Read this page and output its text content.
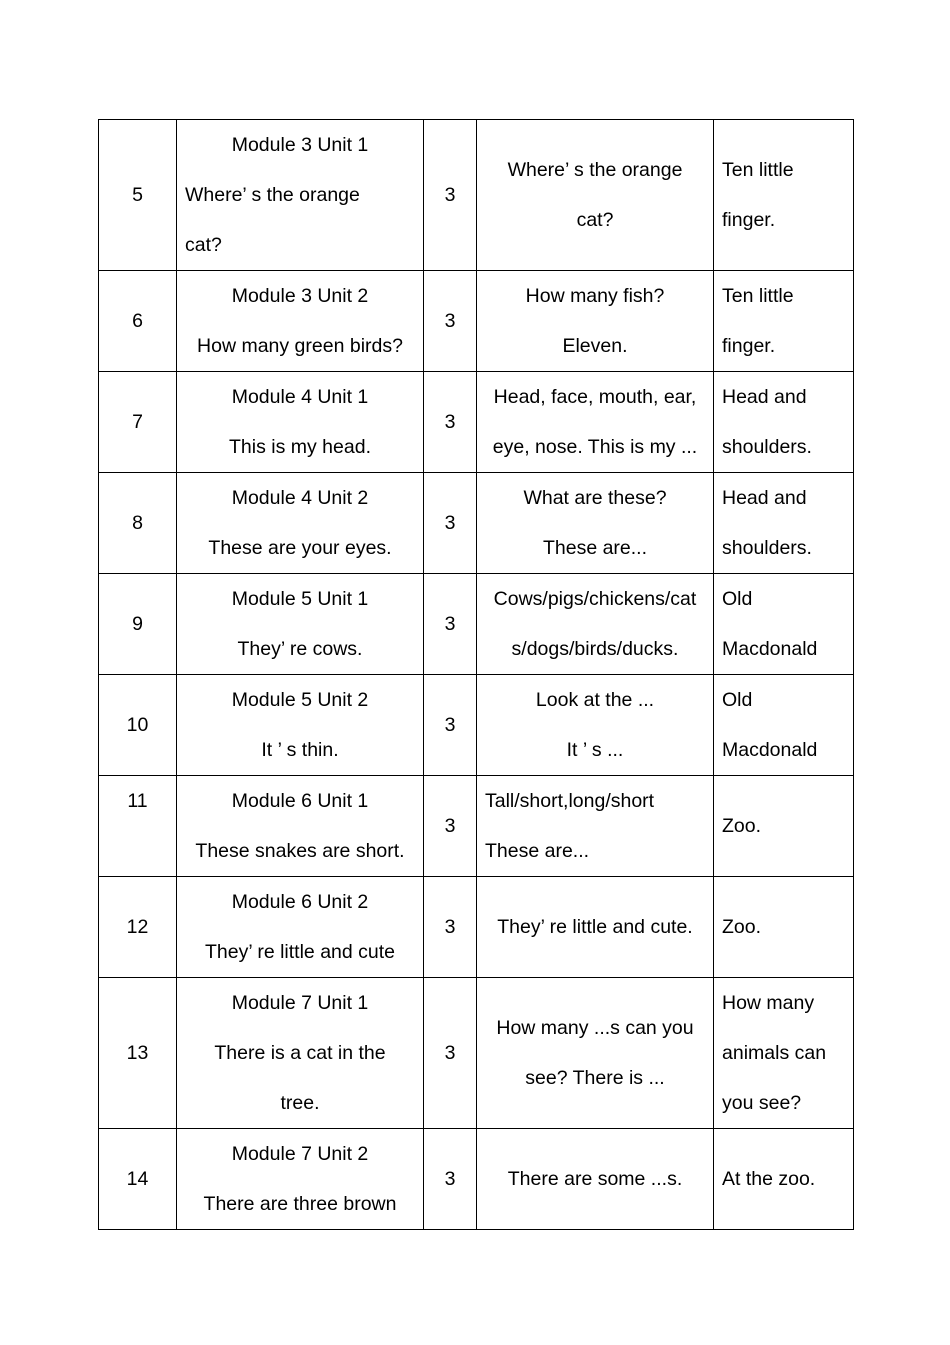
5	Module 3 Unit 1
Where’ s the orange
cat?	3	Where’ s the orange
cat?	Ten little
finger.

6	Module 3 Unit 2
How many green birds?	3	How many fish?
Eleven.	Ten little
finger.

7	Module 4 Unit 1
This is my head.	3	Head, face, mouth, ear,
eye, nose. This is my ...	Head and
shoulders.

8	Module 4 Unit 2
These are your eyes.	3	What are these?
These are...	Head and
shoulders.

9	Module 5 Unit 1
They’ re cows.	3	Cows/pigs/chickens/cat
s/dogs/birds/ducks.	Old
Macdonald

10	Module 5 Unit 2
It ’ s thin.	3	Look at the ...
It ’ s ...	Old
Macdonald

11	Module 6 Unit 1
These snakes are short.	3	Tall/short,long/short
These are...	Zoo.

12	Module 6 Unit 2
They’ re little and cute	3	They’ re little and cute.	Zoo.

13	Module 7 Unit 1
There is a cat in the
tree.	3	How many ...s can you
see? There is ...	How many
animals can
you see?

14	Module 7 Unit 2
There are three brown	3	There are some ...s.	At the zoo.
